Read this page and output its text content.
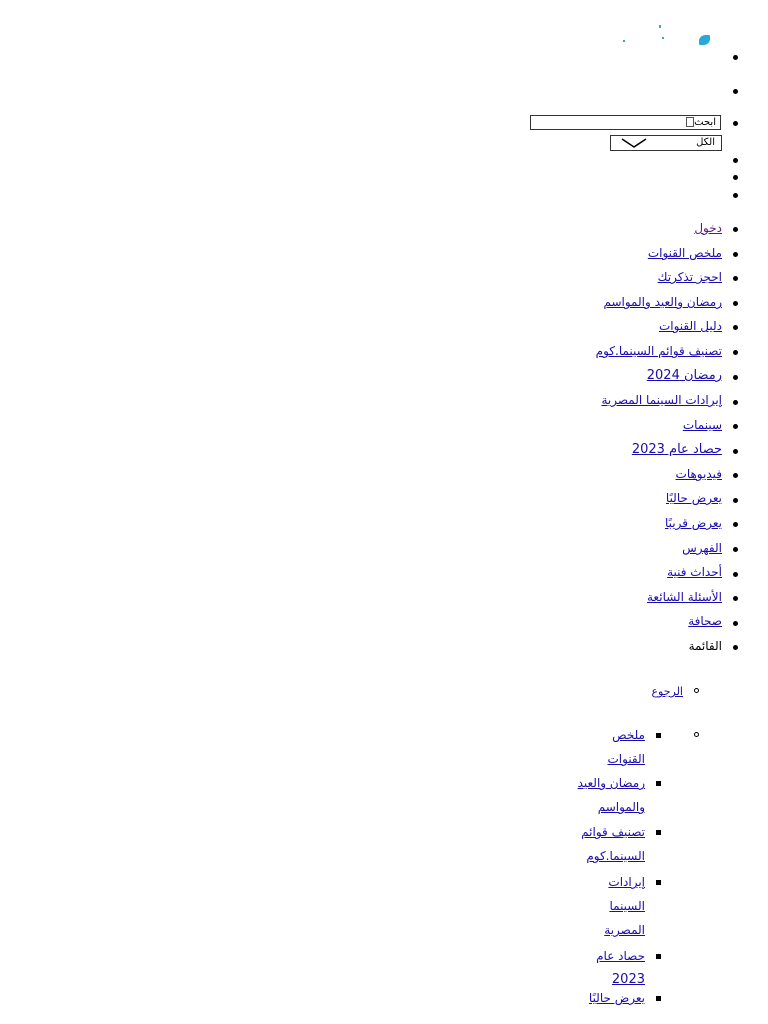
ابحث
الكل
دخول
ملخص القنوات
احجز تذكرتك
رمضان والعيد والمواسم
دليل القنوات
تصنيف قوائم السينما.كوم
رمضان 2024
إيرادات السينما المصرية
سينمات
حصاد عام 2023
فيديوهات
يعرض حاليًا
يعرض قريبًا
الفهرس
أحداث فنية
الأسئلة الشائعة
صحافة
القائمة
الرجوع
ملخص
القنوات
رمضان والعيد
والمواسم
تصنيف قوائم
السينما.كوم
إيرادات
السينما
المصرية
حصاد عام
2023
يعرض حاليًا
